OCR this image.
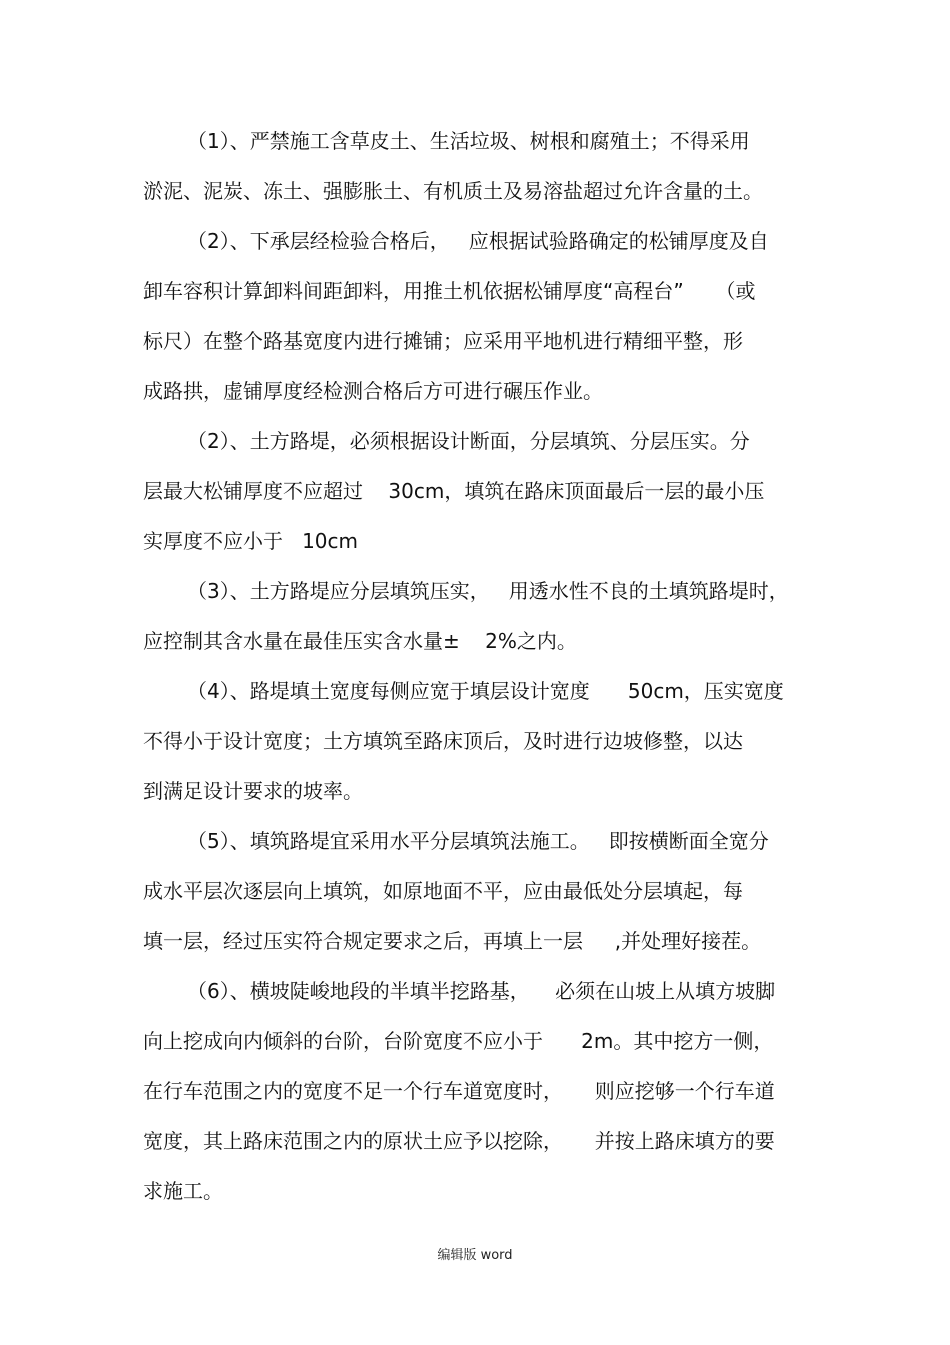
（1）、严禁施工含草皮土、生活垃圾、树根和腐殖土；不得采用
淤泥、泥炭、冻土、强膨胀土、有机质土及易溶盐超过允许含量的土。
（2）、下承层经检验合格后，   应根据试验路确定的松铺厚度及自
卸车容积计算卸料间距卸料，用推土机依据松铺厚度“高程台”     （或
标尺）在整个路基宽度内进行摊铺；应采用平地机进行精细平整，形
成路拱，虚铺厚度经检测合格后方可进行碾压作业。
（2）、土方路堤，必须根据设计断面，分层填筑、分层压实。分
层最大松铺厚度不应超过    30cm，填筑在路床顶面最后一层的最小压
实厚度不应小于   10cm
（3）、土方路堤应分层填筑压实，   用透水性不良的土填筑路堤时，
应控制其含水量在最佳压实含水量±    2%之内。
（4）、路堤填土宽度每侧应宽于填层设计宽度      50cm，压实宽度
不得小于设计宽度；土方填筑至路床顶后，及时进行边坡修整，以达
到满足设计要求的坡率。
（5）、填筑路堤宜采用水平分层填筑法施工。   即按横断面全宽分
成水平层次逐层向上填筑，如原地面不平，应由最低处分层填起，每
填一层，经过压实符合规定要求之后，再填上一层     ,并处理好接茬。
（6）、横坡陡峻地段的半填半挖路基，    必须在山坡上从填方坡脚
向上挖成向内倾斜的台阶，台阶宽度不应小于      2m。其中挖方一侧，
在行车范围之内的宽度不足一个行车道宽度时，     则应挖够一个行车道
宽度，其上路床范围之内的原状土应予以挖除，     并按上路床填方的要
求施工。
编辑版 word
